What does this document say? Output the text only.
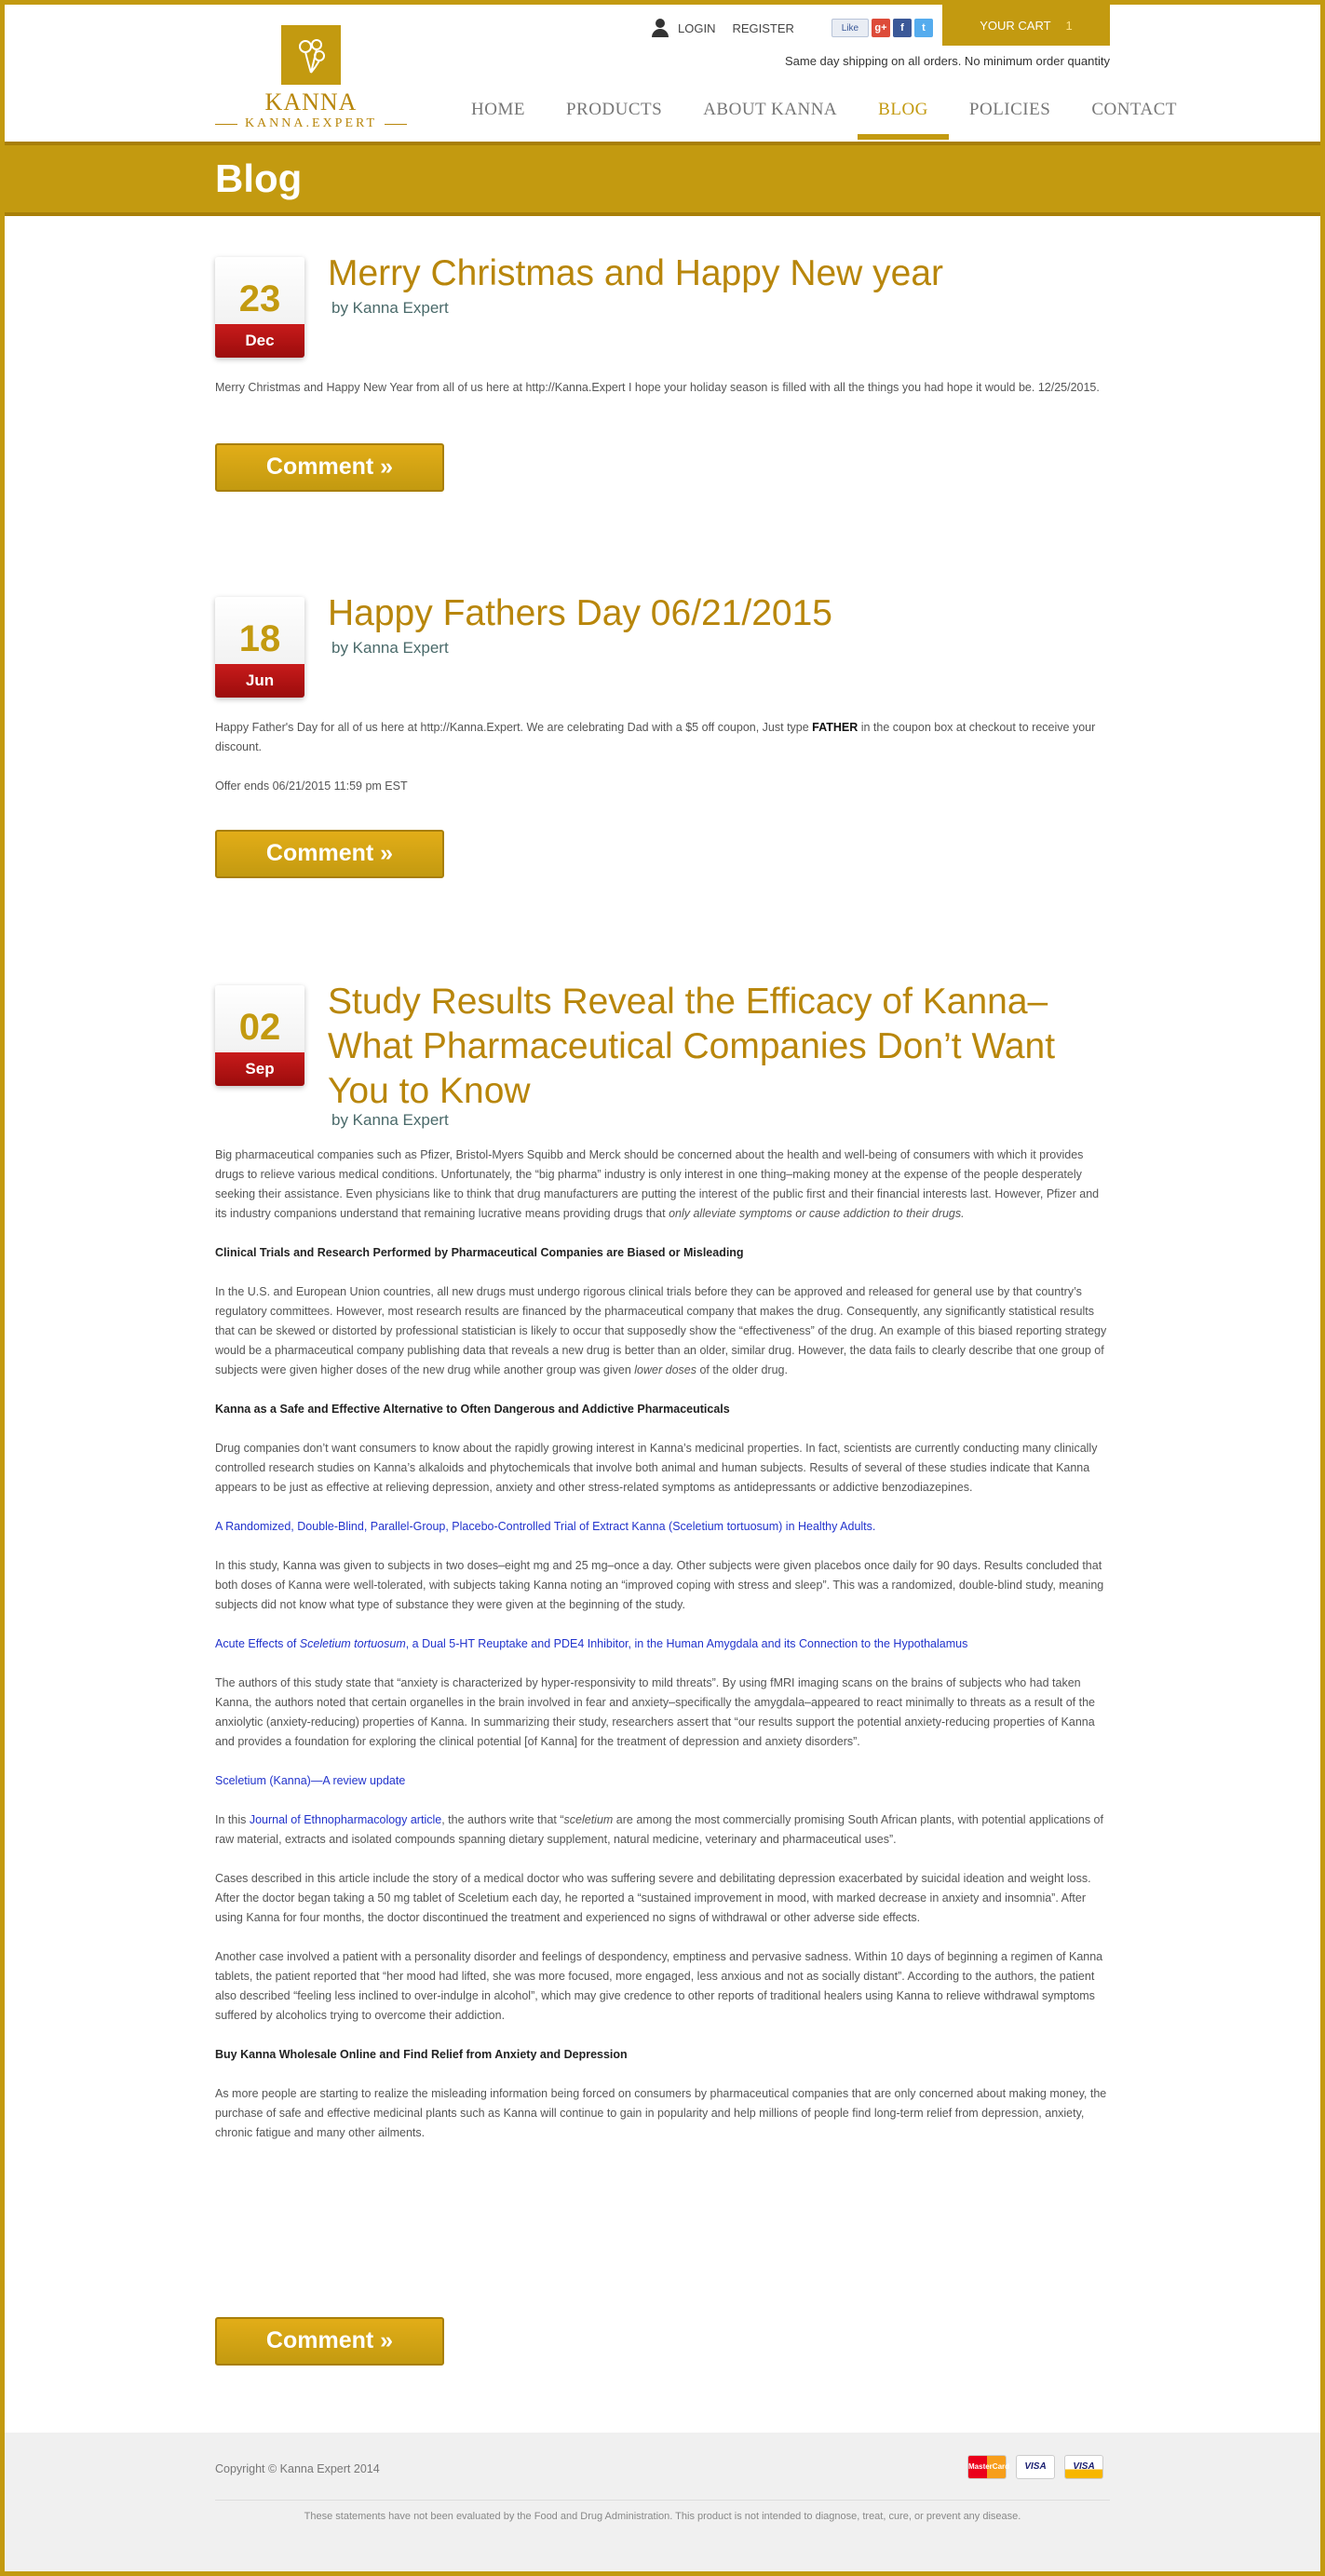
KANNA
KANNA.EXPERT
LOGIN REGISTER	Like	g+	f	t	YOUR CART 1
Same day shipping on all orders. No minimum order quantity
HOME	PRODUCTS	ABOUT KANNA	BLOG	POLICIES	CONTACT
Blog
23
Dec
Merry Christmas and Happy New year
by Kanna Expert

Merry Christmas and Happy New Year from all of us here at http://Kanna.Expert I hope your holiday season is filled with all the things you had hope it would be. 12/25/2015.

Comment »
18
Jun
Happy Fathers Day 06/21/2015
by Kanna Expert

Happy Father's Day for all of us here at http://Kanna.Expert. We are celebrating Dad with a $5 off coupon, Just type FATHER in the coupon box at checkout to receive your discount.

Offer ends 06/21/2015 11:59 pm EST

Comment »
02
Sep
Study Results Reveal the Efficacy of Kanna–What Pharmaceutical Companies Don’t Want You to Know
by Kanna Expert

Big pharmaceutical companies such as Pfizer, Bristol-Myers Squibb and Merck should be concerned about the health and well-being of consumers with which it provides drugs to relieve various medical conditions. Unfortunately, the “big pharma” industry is only interest in one thing–making money at the expense of the people desperately seeking their assistance. Even physicians like to think that drug manufacturers are putting the interest of the public first and their financial interests last. However, Pfizer and its industry companions understand that remaining lucrative means providing drugs that only alleviate symptoms or cause addiction to their drugs.

Clinical Trials and Research Performed by Pharmaceutical Companies are Biased or Misleading

In the U.S. and European Union countries, all new drugs must undergo rigorous clinical trials before they can be approved and released for general use by that country’s regulatory committees. However, most research results are financed by the pharmaceutical company that makes the drug. Consequently, any significantly statistical results that can be skewed or distorted by professional statistician is likely to occur that supposedly show the “effectiveness” of the drug. An example of this biased reporting strategy would be a pharmaceutical company publishing data that reveals a new drug is better than an older, similar drug. However, the data fails to clearly describe that one group of subjects were given higher doses of the new drug while another group was given lower doses of the older drug.

Kanna as a Safe and Effective Alternative to Often Dangerous and Addictive Pharmaceuticals

Drug companies don’t want consumers to know about the rapidly growing interest in Kanna’s medicinal properties. In fact, scientists are currently conducting many clinically controlled research studies on Kanna’s alkaloids and phytochemicals that involve both animal and human subjects. Results of several of these studies indicate that Kanna appears to be just as effective at relieving depression, anxiety and other stress-related symptoms as antidepressants or addictive benzodiazepines.

A Randomized, Double-Blind, Parallel-Group, Placebo-Controlled Trial of Extract Kanna (Sceletium tortuosum) in Healthy Adults.

In this study, Kanna was given to subjects in two doses–eight mg and 25 mg–once a day. Other subjects were given placebos once daily for 90 days. Results concluded that both doses of Kanna were well-tolerated, with subjects taking Kanna noting an “improved coping with stress and sleep”. This was a randomized, double-blind study, meaning subjects did not know what type of substance they were given at the beginning of the study.

Acute Effects of Sceletium tortuosum, a Dual 5-HT Reuptake and PDE4 Inhibitor, in the Human Amygdala and its Connection to the Hypothalamus

The authors of this study state that “anxiety is characterized by hyper-responsivity to mild threats”. By using fMRI imaging scans on the brains of subjects who had taken Kanna, the authors noted that certain organelles in the brain involved in fear and anxiety–specifically the amygdala–appeared to react minimally to threats as a result of the anxiolytic (anxiety-reducing) properties of Kanna. In summarizing their study, researchers assert that “our results support the potential anxiety-reducing properties of Kanna and provides a foundation for exploring the clinical potential [of Kanna] for the treatment of depression and anxiety disorders”.

Sceletium (Kanna)—A review update

In this Journal of Ethnopharmacology article, the authors write that “sceletium are among the most commercially promising South African plants, with potential applications of raw material, extracts and isolated compounds spanning dietary supplement, natural medicine, veterinary and pharmaceutical uses”.

Cases described in this article include the story of a medical doctor who was suffering severe and debilitating depression exacerbated by suicidal ideation and weight loss. After the doctor began taking a 50 mg tablet of Sceletium each day, he reported a “sustained improvement in mood, with marked decrease in anxiety and insomnia”. After using Kanna for four months, the doctor discontinued the treatment and experienced no signs of withdrawal or other adverse side effects.

Another case involved a patient with a personality disorder and feelings of despondency, emptiness and pervasive sadness. Within 10 days of beginning a regimen of Kanna tablets, the patient reported that “her mood had lifted, she was more focused, more engaged, less anxious and not as socially distant”. According to the authors, the patient also described “feeling less inclined to over-indulge in alcohol”, which may give credence to other reports of traditional healers using Kanna to relieve withdrawal symptoms suffered by alcoholics trying to overcome their addiction.

Buy Kanna Wholesale Online and Find Relief from Anxiety and Depression

As more people are starting to realize the misleading information being forced on consumers by pharmaceutical companies that are only concerned about making money, the purchase of safe and effective medicinal plants such as Kanna will continue to gain in popularity and help millions of people find long-term relief from depression, anxiety, chronic fatigue and many other ailments.

Comment »
Copyright © Kanna Expert 2014	MasterCard	VISA	VISA
These statements have not been evaluated by the Food and Drug Administration. This product is not intended to diagnose, treat, cure, or prevent any disease.
